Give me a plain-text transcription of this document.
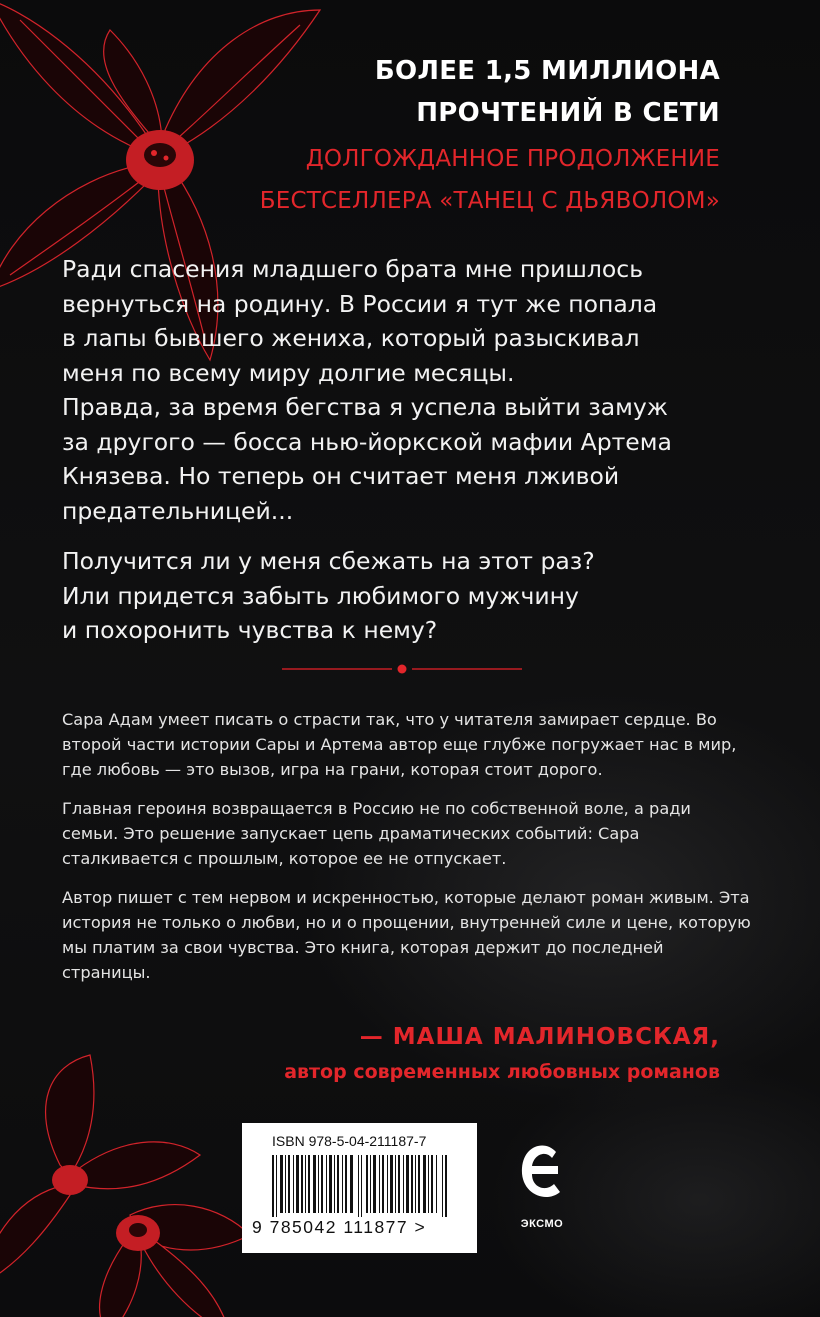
БОЛЕЕ 1,5 МИЛЛИОНА
ПРОЧТЕНИЙ В СЕТИ
ДОЛГОЖДАННОЕ ПРОДОЛЖЕНИЕ
БЕСТСЕЛЛЕРА «ТАНЕЦ С ДЬЯВОЛОМ»

Ради спасения младшего брата мне пришлось
вернуться на родину. В России я тут же попала
в лапы бывшего жениха, который разыскивал
меня по всему миру долгие месяцы.
Правда, за время бегства я успела выйти замуж
за другого — босса нью-йоркской мафии Артема
Князева. Но теперь он считает меня лживой
предательницей...

Получится ли у меня сбежать на этот раз?
Или придется забыть любимого мужчину
и похоронить чувства к нему?

Сара Адам умеет писать о страсти так, что у читателя замирает сердце. Во второй части истории Сары и Артема автор еще глубже погружает нас в мир, где любовь — это вызов, игра на грани, которая стоит дорого.

Главная героиня возвращается в Россию не по собственной воле, а ради семьи. Это решение запускает цепь драматических событий: Сара сталкивается с прошлым, которое ее не отпускает.

Автор пишет с тем нервом и искренностью, которые делают роман живым. Эта история не только о любви, но и о прощении, внутренней силе и цене, которую мы платим за свои чувства. Это книга, которая держит до последней страницы.

— МАША МАЛИНОВСКАЯ,
автор современных любовных романов
ISBN 978-5-04-211187-7
9 785042 111877 >	ЭКСМО
